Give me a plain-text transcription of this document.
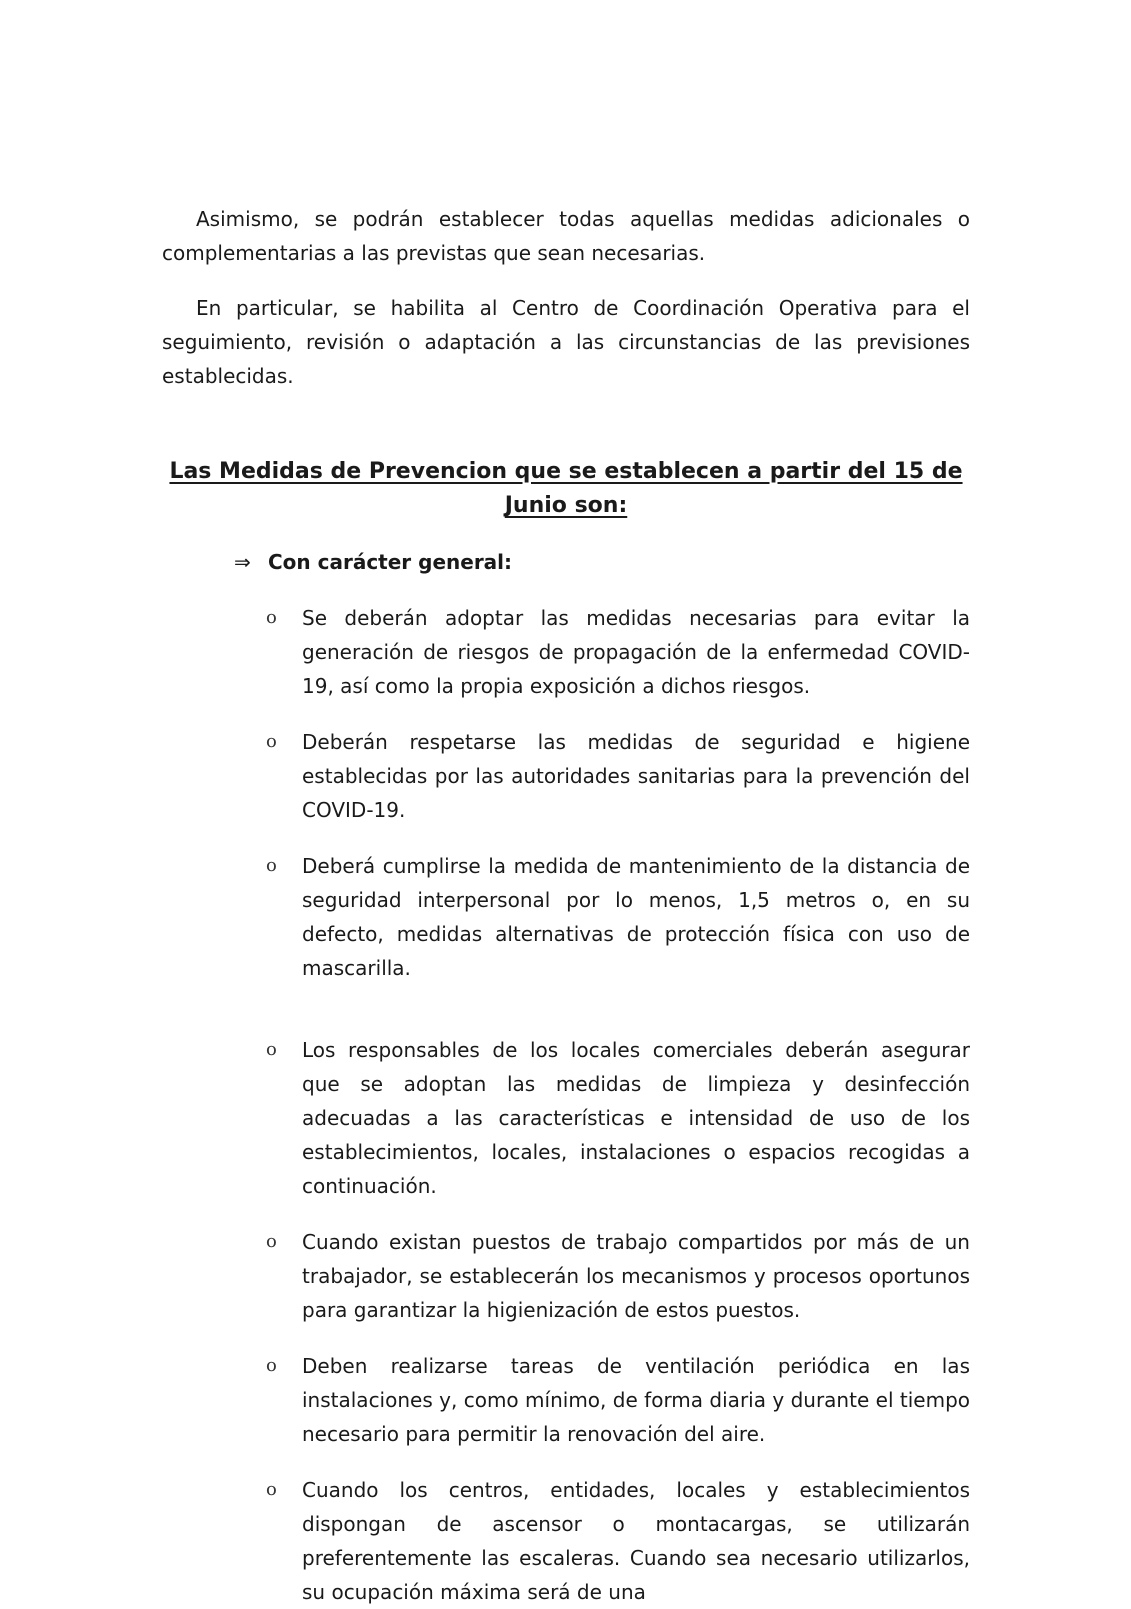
Asimismo, se podrán establecer todas aquellas medidas adicionales o complementarias a las previstas que sean necesarias.

En particular, se habilita al Centro de Coordinación Operativa para el seguimiento, revisión o adaptación a las circunstancias de las previsiones establecidas.

Las Medidas de Prevencion que se establecen a partir del 15 de Junio son:
⇒ Con carácter general:
o Se deberán adoptar las medidas necesarias para evitar la generación de riesgos de propagación de la enfermedad COVID-19, así como la propia exposición a dichos riesgos.
o Deberán respetarse las medidas de seguridad e higiene establecidas por las autoridades sanitarias para la prevención del COVID-19.
o Deberá cumplirse la medida de mantenimiento de la distancia de seguridad interpersonal por lo menos, 1,5 metros o, en su defecto, medidas alternativas de protección física con uso de mascarilla.
o Los responsables de los locales comerciales deberán asegurar que se adoptan las medidas de limpieza y desinfección adecuadas a las características e intensidad de uso de los establecimientos, locales, instalaciones o espacios recogidas a continuación.
o Cuando existan puestos de trabajo compartidos por más de un trabajador, se establecerán los mecanismos y procesos oportunos para garantizar la higienización de estos puestos.
o Deben realizarse tareas de ventilación periódica en las instalaciones y, como mínimo, de forma diaria y durante el tiempo necesario para permitir la renovación del aire.
o Cuando los centros, entidades, locales y establecimientos dispongan de ascensor o montacargas, se utilizarán preferentemente las escaleras. Cuando sea necesario utilizarlos, su ocupación máxima será de una
